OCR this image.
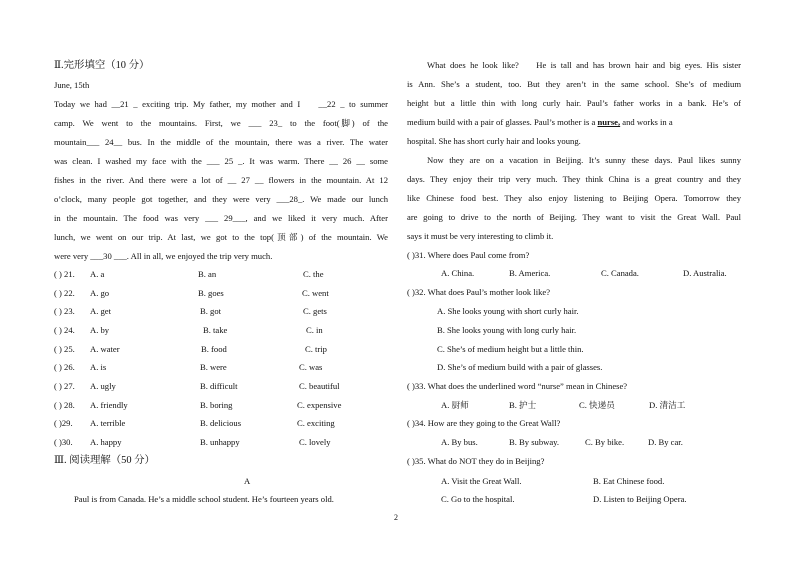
Ⅱ.完形填空（10 分）
June, 15th
Today we had __21 _ exciting trip. My father, my mother and I    __22 _ to summer
camp.  We  went  to  the  mountains.  First,  we  ___  23_  to  the  foot(脚)  of  the
mountain___ 24__ bus. In the middle of the mountain, there was a river. The water
was clean. I washed my face with the ___ 25 _. It was warm. There __ 26 __ some
fishes in the river. And there were a lot of __ 27 __ flowers in the mountain. At 12
o’clock, many people got together, and they were very ___28_. We made our lunch
in the mountain. The food was very ___ 29___, and we liked it very much. After
lunch, we went on our trip. At last, we got to the top(顶部) of the mountain. We
were very ___30 ___. All in all, we enjoyed the trip very much.
( ) 21. A. a	B. an	C. the
( ) 22. A. go	B. goes	C. went
( ) 23. A. get	B. got	C. gets
( ) 24. A. by	B. take	C. in
( ) 25. A. water	B. food	C. trip
( ) 26. A. is	B. were	C. was
( ) 27. A. ugly	B. difficult	C. beautiful
( ) 28. A. friendly	B. boring	C. expensive
( )29. A. terrible	B. delicious	C. exciting
( )30. A. happy	B. unhappy	C. lovely
Ⅲ. 阅读理解（50 分）
A
Paul is from Canada. He’s a middle school student. He’s fourteen years old.
What does he look like?    He is tall and has brown hair and big eyes. His sister
is Ann. She’s a student, too. But they aren’t in the same school. She’s of medium
height but a little thin with long curly hair. Paul’s father works in a bank. He’s of
medium build with a pair of glasses. Paul’s mother is a nurse, and works in a
hospital. She has short curly hair and looks young.
Now they are on a vacation in Beijing. It’s sunny these days. Paul likes sunny
days. They enjoy their trip very much. They think China is a great country and they
like Chinese food best. They also enjoy listening to Beijing Opera. Tomorrow they
are going to drive to the north of Beijing. They want to visit the Great Wall. Paul
says it must be very interesting to climb it.
( )31. Where does Paul come from?
A. China.	B. America.	C. Canada.	D. Australia.
( )32. What does Paul’s mother look like?
A. She looks young with short curly hair.
B. She looks young with long curly hair.
C. She’s of medium height but a little thin.
D. She’s of medium build with a pair of glasses.
( )33. What does the underlined word “nurse” mean in Chinese?
A. 厨师	B. 护士	C. 快递员	D. 清洁工
( )34. How are they going to the Great Wall?
A. By bus.	B. By subway.	C. By bike.	D. By car.
( )35. What do NOT they do in Beijing?
A. Visit the Great Wall.	B. Eat Chinese food.
C. Go to the hospital.	D. Listen to Beijing Opera.
2
